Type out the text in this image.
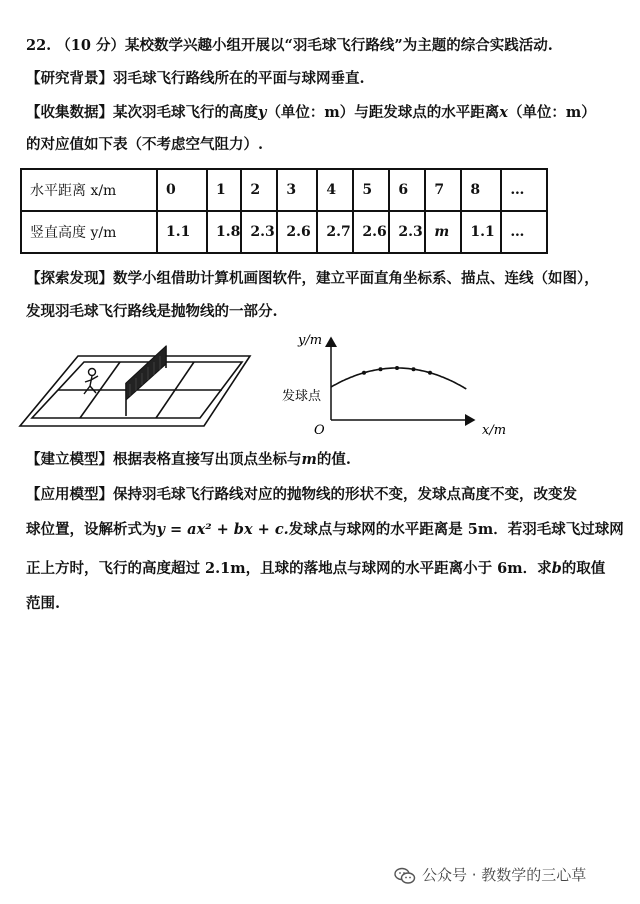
22. （10 分）某校数学兴趣小组开展以“羽毛球飞行路线”为主题的综合实践活动.
【研究背景】羽毛球飞行路线所在的平面与球网垂直.
【收集数据】某次羽毛球飞行的高度y（单位：m）与距发球点的水平距离x（单位：m）
的对应值如下表（不考虑空气阻力）.
水平距离 x/m	0	1	2	3	4	5	6	7	8	…
竖直高度 y/m	1.1	1.8	2.3	2.6	2.7	2.6	2.3	m	1.1	…
【探索发现】数学小组借助计算机画图软件，建立平面直角坐标系、描点、连线（如图），
发现羽毛球飞行路线是抛物线的一部分.
y/m
x/m
O
发球点
【建立模型】根据表格直接写出顶点坐标与m的值.
【应用模型】保持羽毛球飞行路线对应的抛物线的形状不变，发球点高度不变，改变发
球位置，设解析式为y = ax² + bx + c.发球点与球网的水平距离是 5m．若羽毛球飞过球网
正上方时，飞行的高度超过 2.1m，且球的落地点与球网的水平距离小于 6m．求b的取值
范围.
公众号 · 教数学的三心草
